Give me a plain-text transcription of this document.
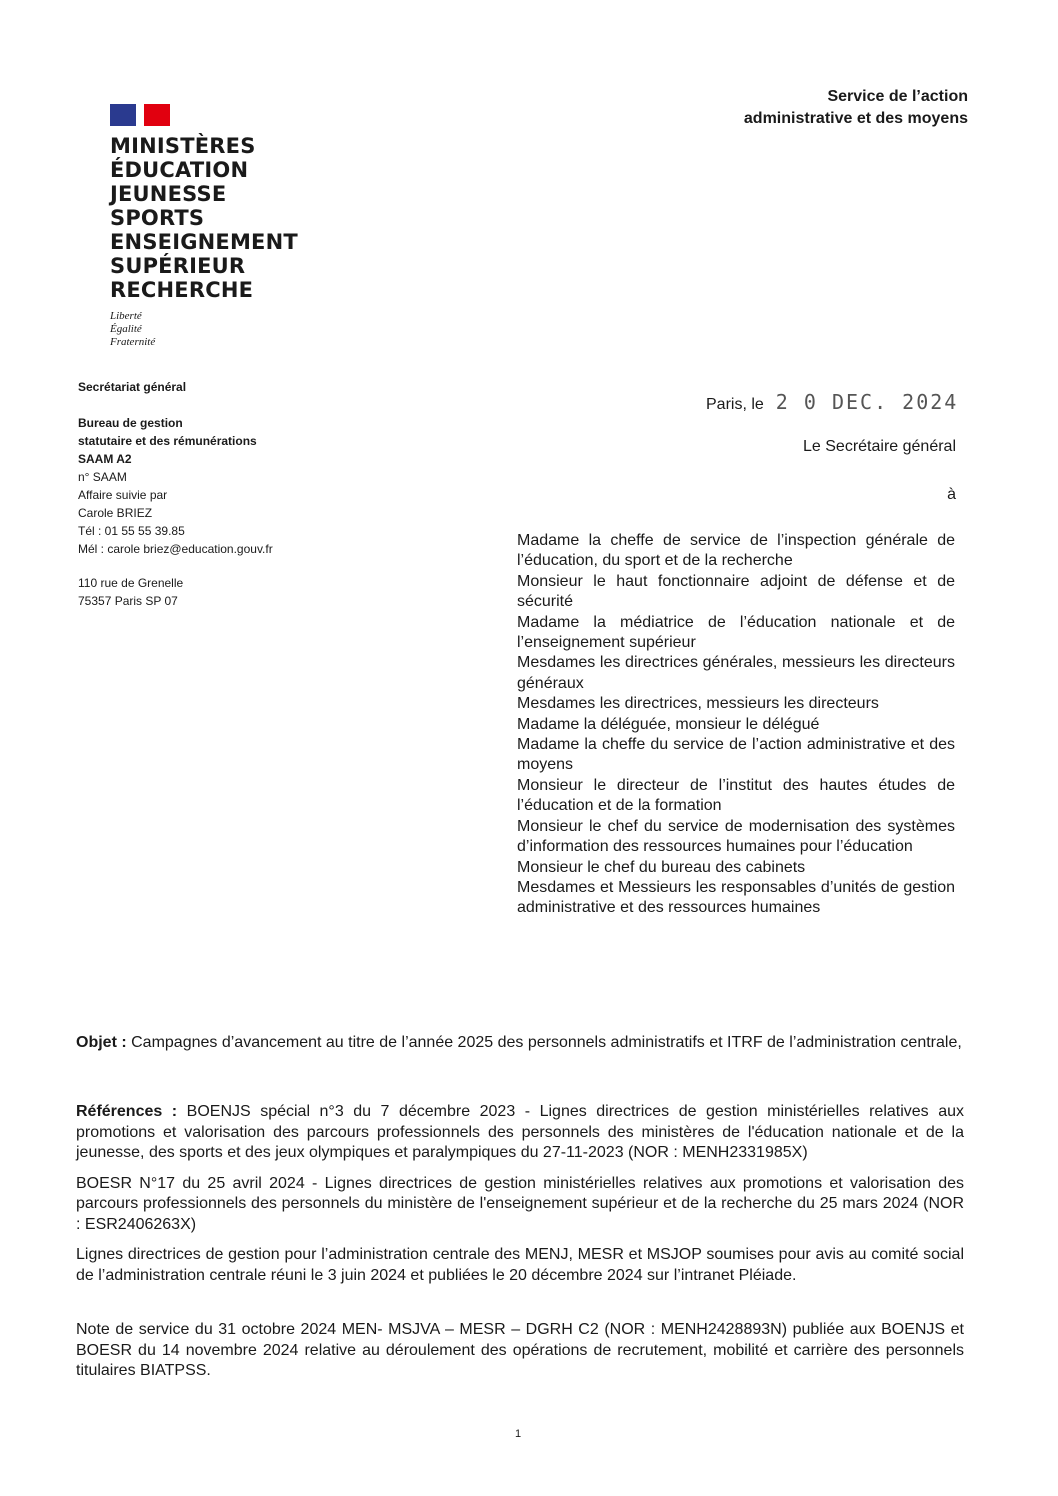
Service de l’action
administrative et des moyens
MINISTÈRES
ÉDUCATION
JEUNESSE
SPORTS
ENSEIGNEMENT
SUPÉRIEUR
RECHERCHE
Liberté
Égalité
Fraternité
Secrétariat général
Bureau de gestion
statutaire et des rémunérations
SAAM A2
n° SAAM
Affaire suivie par
Carole BRIEZ
Tél : 01 55 55 39.85
Mél : carole briez@education.gouv.fr
110 rue de Grenelle
75357 Paris SP 07
Paris, le 2 0 DEC. 2024
Le Secrétaire général
à
Madame la cheffe de service de l’inspection générale de l’éducation, du sport et de la recherche
Monsieur le haut fonctionnaire adjoint de défense et de sécurité
Madame la médiatrice de l’éducation nationale et de l’enseignement supérieur
Mesdames les directrices générales, messieurs les directeurs généraux
Mesdames les directrices, messieurs les directeurs
Madame la déléguée, monsieur le délégué
Madame la cheffe du service de l’action administrative et des moyens
Monsieur le directeur de l’institut des hautes études de l’éducation et de la formation
Monsieur le chef du service de modernisation des systèmes d’information des ressources humaines pour l’éducation
Monsieur le chef du bureau des cabinets
Mesdames et Messieurs les responsables d’unités de gestion administrative et des ressources humaines
Objet : Campagnes d’avancement au titre de l’année 2025 des personnels administratifs et ITRF de l’administration centrale,

Références : BOENJS spécial n°3 du 7 décembre 2023 - Lignes directrices de gestion ministérielles relatives aux promotions et valorisation des parcours professionnels des personnels des ministères de l'éducation nationale et de la jeunesse, des sports et des jeux olympiques et paralympiques du 27-11-2023 (NOR : MENH2331985X)

BOESR N°17 du 25 avril 2024 - Lignes directrices de gestion ministérielles relatives aux promotions et valorisation des parcours professionnels des personnels du ministère de l'enseignement supérieur et de la recherche du 25 mars 2024 (NOR : ESR2406263X)

Lignes directrices de gestion pour l’administration centrale des MENJ, MESR et MSJOP soumises pour avis au comité social de l’administration centrale réuni le 3 juin 2024 et publiées le 20 décembre 2024 sur l’intranet Pléiade.

Note de service du 31 octobre 2024 MEN- MSJVA – MESR – DGRH C2 (NOR : MENH2428893N) publiée aux BOENJS et BOESR du 14 novembre 2024 relative au déroulement des opérations de recrutement, mobilité et carrière des personnels titulaires BIATPSS.
1
